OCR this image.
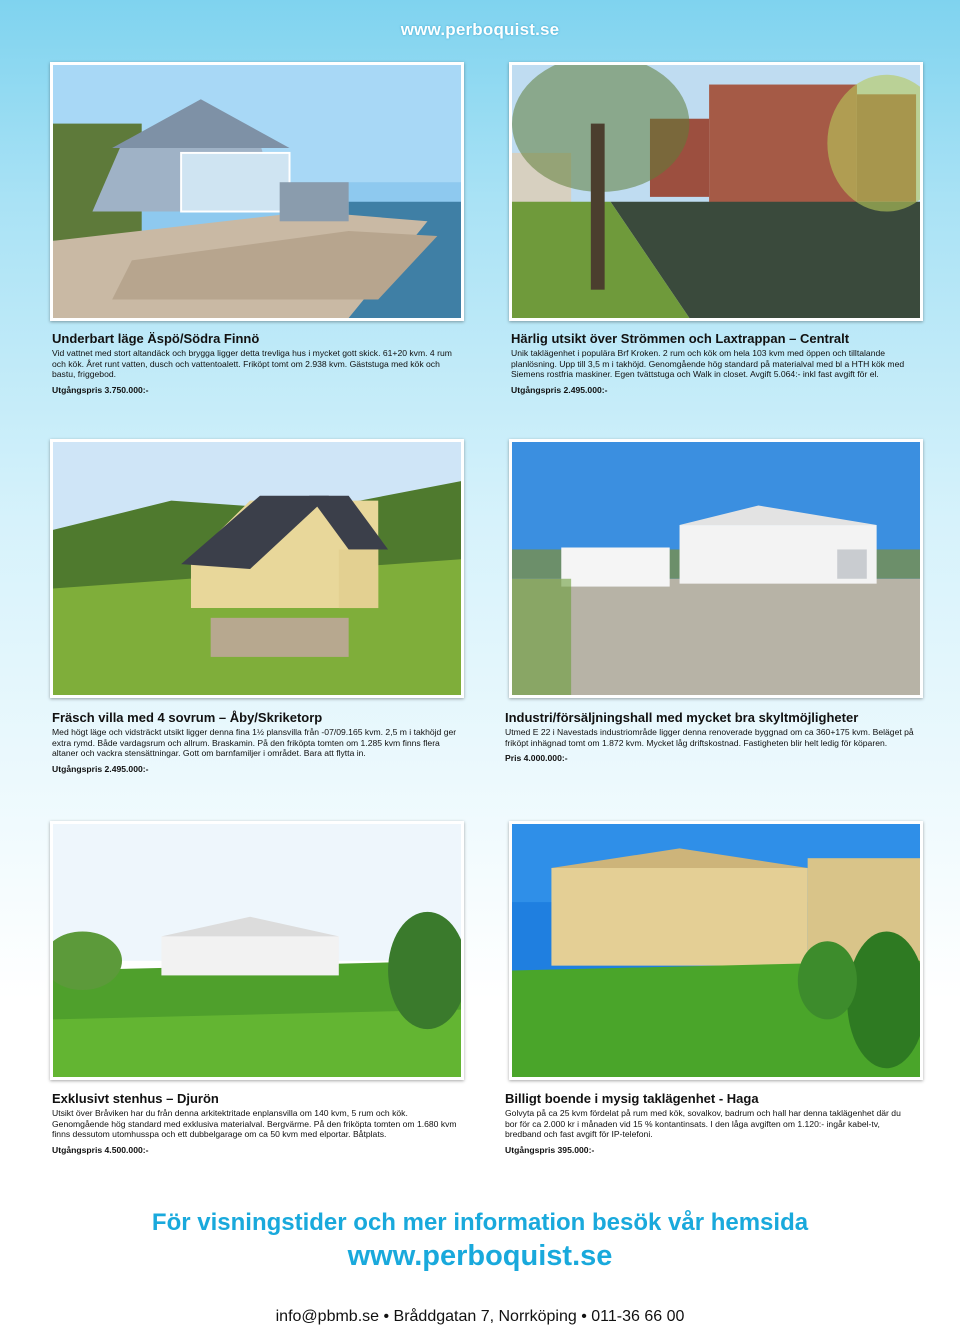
www.perboquist.se
Underbart läge Äspö/Södra Finnö

Vid vattnet med stort altandäck och brygga ligger detta trevliga hus i mycket gott skick. 61+20 kvm. 4 rum och kök. Året runt vatten, dusch och vattentoalett. Friköpt tomt om 2.938 kvm. Gäststuga med kök och bastu, friggebod.

Utgångspris 3.750.000:-

Härlig utsikt över Strömmen och Laxtrappan – Centralt

Unik taklägenhet i populära Brf Kroken. 2 rum och kök om hela 103 kvm med öppen och tilltalande planlösning. Upp till 3,5 m i takhöjd. Genomgående hög standard på materialval med bl a HTH kök med Siemens rostfria maskiner. Egen tvättstuga och Walk in closet. Avgift 5.064:- inkl fast avgift för el.

Utgångspris 2.495.000:-

Fräsch villa med 4 sovrum – Åby/Skriketorp

Med högt läge och vidsträckt utsikt ligger denna fina 1½ plansvilla från -07/09.165 kvm. 2,5 m i takhöjd ger extra rymd. Både vardagsrum och allrum. Braskamin. På den friköpta tomten om 1.285 kvm finns flera altaner och vackra stensättningar. Gott om barnfamiljer i området. Bara att flytta in.

Utgångspris 2.495.000:-

Industri/försäljningshall med mycket bra skyltmöjligheter

Utmed E 22 i Navestads industriområde ligger denna renoverade byggnad om ca 360+175 kvm. Beläget på friköpt inhägnad tomt om 1.872 kvm. Mycket låg driftskostnad. Fastigheten blir helt ledig för köparen.

Pris 4.000.000:-

Exklusivt stenhus – Djurön

Utsikt över Bråviken har du från denna arkitektritade enplansvilla om 140 kvm, 5 rum och kök. Genomgående hög standard med exklusiva materialval. Bergvärme. På den friköpta tomten om 1.680 kvm finns dessutom utomhusspa och ett dubbelgarage om ca 50 kvm med elportar. Båtplats.

Utgångspris 4.500.000:-

Billigt boende i mysig taklägenhet - Haga

Golvyta på ca 25 kvm fördelat på rum med kök, sovalkov, badrum och hall har denna taklägenhet där du bor för ca 2.000 kr i månaden vid 15 % kontantinsats. I den låga avgiften om 1.120:- ingår kabel-tv, bredband och fast avgift för IP-telefoni.

Utgångspris 395.000:-

För visningstider och mer information besök vår hemsida
www.perboquist.se
info@pbmb.se • Bråddgatan 7, Norrköping • 011-36 66 00
